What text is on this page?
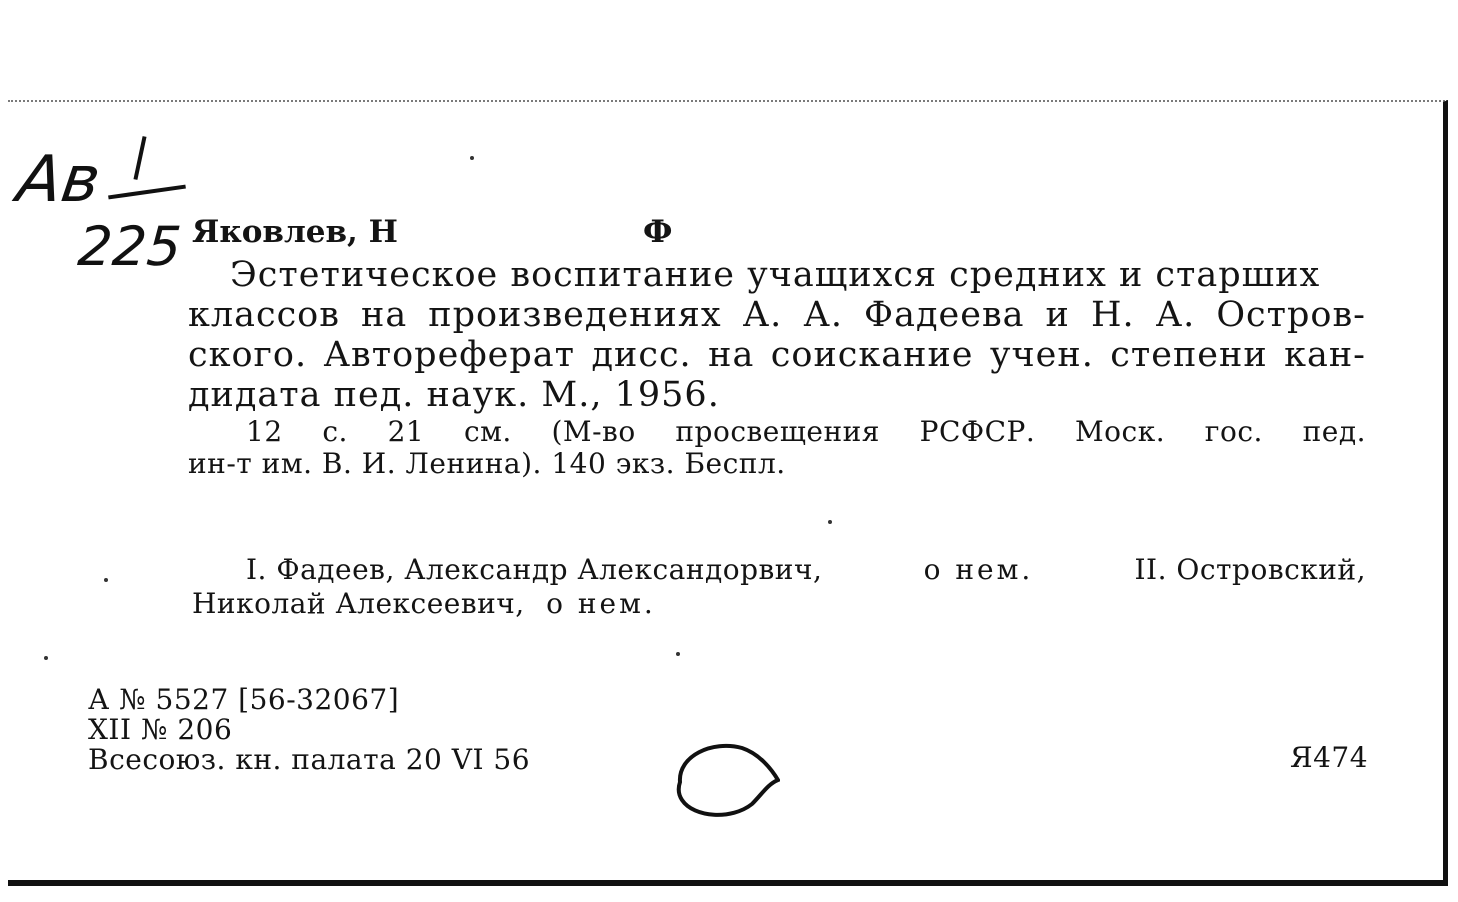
Ав
225 Яковлев, Н	Ф
Эстетическое воспитание учащихся средних и старших
классов на произведениях А. А. Фадеева и Н. А. Остров-
ского. Автореферат дисс. на соискание учен. степени кан-
дидата пед. наук. М., 1956.
12 с. 21 см. (М-во просвещения РСФСР. Моск. гос. пед.
ин-т им. В. И. Ленина). 140 экз. Беспл.
I. Фадеев, Александр Александорвич,	о нем.	II. Островский,
Николай Алексеевич, о нем.
А № 5527 [56-32067]
XII № 206
Всесоюз. кн. палата 20 VI 56	Я474
